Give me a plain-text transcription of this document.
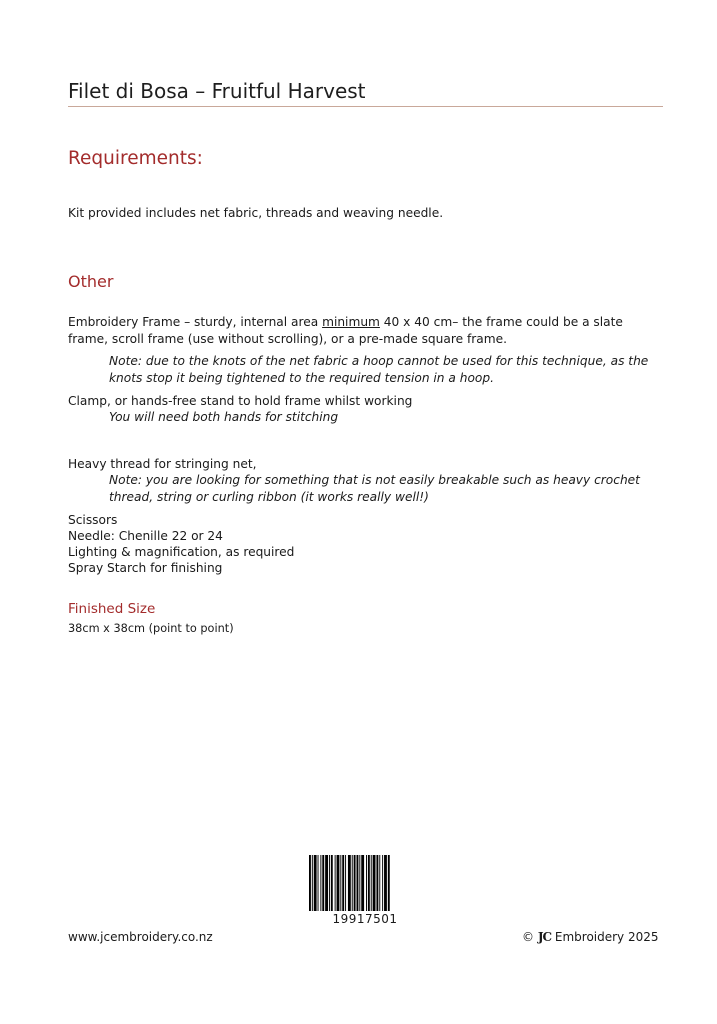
Filet di Bosa – Fruitful Harvest
Requirements:
Kit provided includes net fabric, threads and weaving needle.
Other
Embroidery Frame – sturdy, internal area minimum 40 x 40 cm– the frame could be a slate
frame, scroll frame (use without scrolling), or a pre-made square frame.
Note: due to the knots of the net fabric a hoop cannot be used for this technique, as the
knots stop it being tightened to the required tension in a hoop.
Clamp, or hands-free stand to hold frame whilst working
You will need both hands for stitching
Heavy thread for stringing net,
Note: you are looking for something that is not easily breakable such as heavy crochet
thread, string or curling ribbon (it works really well!)
Scissors
Needle: Chenille 22 or 24
Lighting & magnification, as required
Spray Starch for finishing
Finished Size
38cm x 38cm (point to point)
19917501
www.jcembroidery.co.nz	© JC Embroidery 2025
